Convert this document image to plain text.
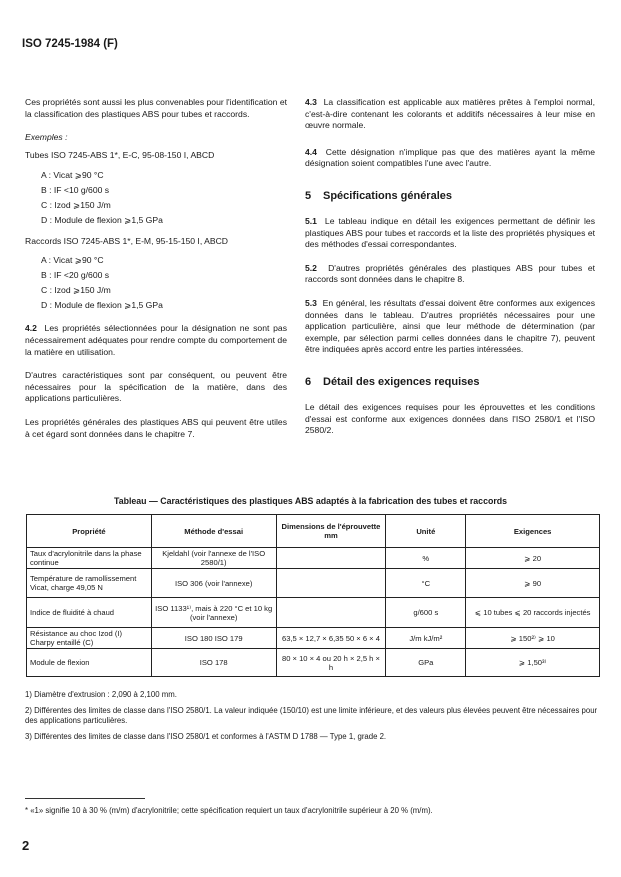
ISO 7245-1984 (F)

Ces propriétés sont aussi les plus convenables pour l'identification et la classification des plastiques ABS pour tubes et raccords.

Exemples :
Tubes ISO 7245-ABS 1*, E-C, 95-08-150 I, ABCD
A : Vicat ⩾90 °C
B : IF <10 g/600 s
C : Izod ⩾150 J/m
D : Module de flexion ⩾1,5 GPa
Raccords ISO 7245-ABS 1*, E-M, 95-15-150 I, ABCD
A : Vicat ⩾90 °C
B : IF <20 g/600 s
C : Izod ⩾150 J/m
D : Module de flexion ⩾1,5 GPa

4.2 Les propriétés sélectionnées pour la désignation ne sont pas nécessairement adéquates pour rendre compte du comportement de la matière en utilisation.

D'autres caractéristiques sont par conséquent, ou peuvent être nécessaires pour la spécification de la matière, dans des applications particulières.

Les propriétés générales des plastiques ABS qui peuvent être utiles à cet égard sont données dans le chapitre 7.

4.3 La classification est applicable aux matières prêtes à l'emploi normal, c'est-à-dire contenant les colorants et additifs nécessaires à leur mise en œuvre normale.

4.4 Cette désignation n'implique pas que des matières ayant la même désignation soient compatibles l'une avec l'autre.

5 Spécifications générales

5.1 Le tableau indique en détail les exigences permettant de définir les plastiques ABS pour tubes et raccords et la liste des propriétés physiques et des méthodes d'essai correspondantes.

5.2 D'autres propriétés générales des plastiques ABS pour tubes et raccords sont données dans le chapitre 8.

5.3 En général, les résultats d'essai doivent être conformes aux exigences données dans le tableau. D'autres propriétés nécessaires pour une application particulière, ainsi que leur méthode de détermination (par exemple, par sélection parmi celles données dans le chapitre 7), peuvent être indiquées après accord entre les parties intéressées.

6 Détail des exigences requises

Le détail des exigences requises pour les éprouvettes et les conditions d'essai est conforme aux exigences données dans l'ISO 2580/1 et l'ISO 2580/2.

Tableau — Caractéristiques des plastiques ABS adaptés à la fabrication des tubes et raccords
Propriété	Méthode d'essai	Dimensions de l'éprouvette mm	Unité	Exigences
Taux d'acrylonitrile dans la phase continue	Kjeldahl (voir l'annexe de l'ISO 2580/1)		%	⩾ 20
Température de ramollissement Vicat, charge 49,05 N	ISO 306 (voir l'annexe)		°C	⩾ 90
Indice de fluidité à chaud	ISO 1133¹⁾, mais à 220 °C et 10 kg (voir l'annexe)		g/600 s	⩽ 10 tubes ⩽ 20 raccords injectés
Résistance au choc Izod (I) Charpy entaillé (C)	ISO 180 ISO 179	63,5 × 12,7 × 6,35 50 × 6 × 4	J/m kJ/m²	⩾ 150²⁾ ⩾ 10
Module de flexion	ISO 178	80 × 10 × 4 ou 20 h × 2,5 h × h	GPa	⩾ 1,50³⁾
1) Diamètre d'extrusion : 2,090 à 2,100 mm.
2) Différentes des limites de classe dans l'ISO 2580/1. La valeur indiquée (150/10) est une limite inférieure, et des valeurs plus élevées peuvent être nécessaires pour des applications particulières.
3) Différentes des limites de classe dans l'ISO 2580/1 et conformes à l'ASTM D 1788 — Type 1, grade 2.
* «1» signifie 10 à 30 % (m/m) d'acrylonitrile; cette spécification requiert un taux d'acrylonitrile supérieur à 20 % (m/m).
2
